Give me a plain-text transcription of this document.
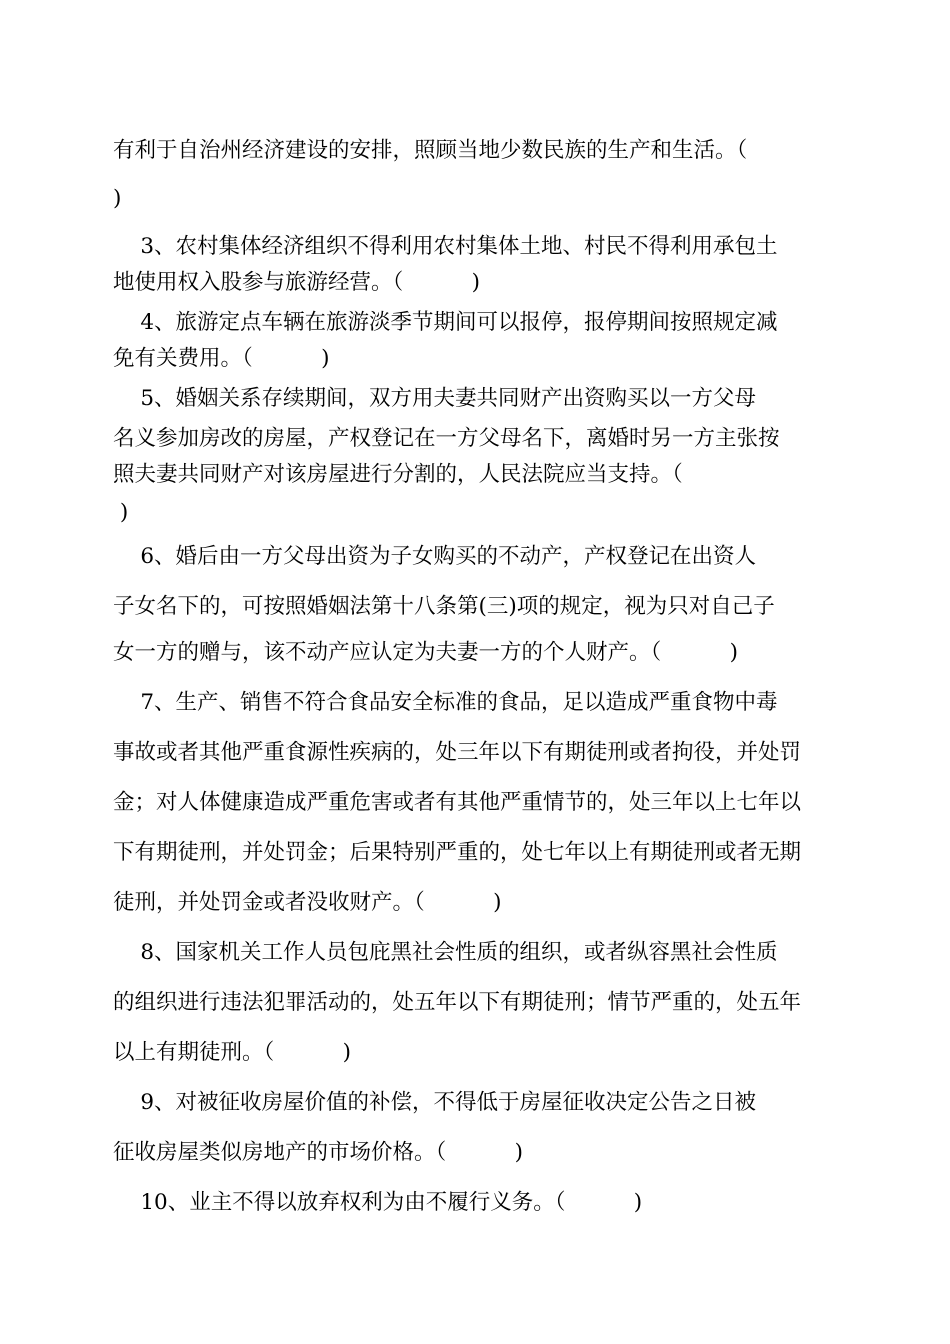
有利于自治州经济建设的安排，照顾当地少数民族的生产和生活。（

)

3、农村集体经济组织不得利用农村集体土地、村民不得利用承包土

地使用权入股参与旅游经营。（          )

4、旅游定点车辆在旅游淡季节期间可以报停，报停期间按照规定减

免有关费用。（          )

5、婚姻关系存续期间，双方用夫妻共同财产出资购买以一方父母

名义参加房改的房屋，产权登记在一方父母名下，离婚时另一方主张按

照夫妻共同财产对该房屋进行分割的，人民法院应当支持。（

)

6、婚后由一方父母出资为子女购买的不动产，产权登记在出资人

子女名下的，可按照婚姻法第十八条第(三)项的规定，视为只对自己子

女一方的赠与，该不动产应认定为夫妻一方的个人财产。（          )

7、生产、销售不符合食品安全标准的食品，足以造成严重食物中毒

事故或者其他严重食源性疾病的，处三年以下有期徒刑或者拘役，并处罚

金；对人体健康造成严重危害或者有其他严重情节的，处三年以上七年以

下有期徒刑，并处罚金；后果特别严重的，处七年以上有期徒刑或者无期

徒刑，并处罚金或者没收财产。（          )

8、国家机关工作人员包庇黑社会性质的组织，或者纵容黑社会性质

的组织进行违法犯罪活动的，处五年以下有期徒刑；情节严重的，处五年

以上有期徒刑。（          )

9、对被征收房屋价值的补偿，不得低于房屋征收决定公告之日被

征收房屋类似房地产的市场价格。（          )

10、业主不得以放弃权利为由不履行义务。（          )
